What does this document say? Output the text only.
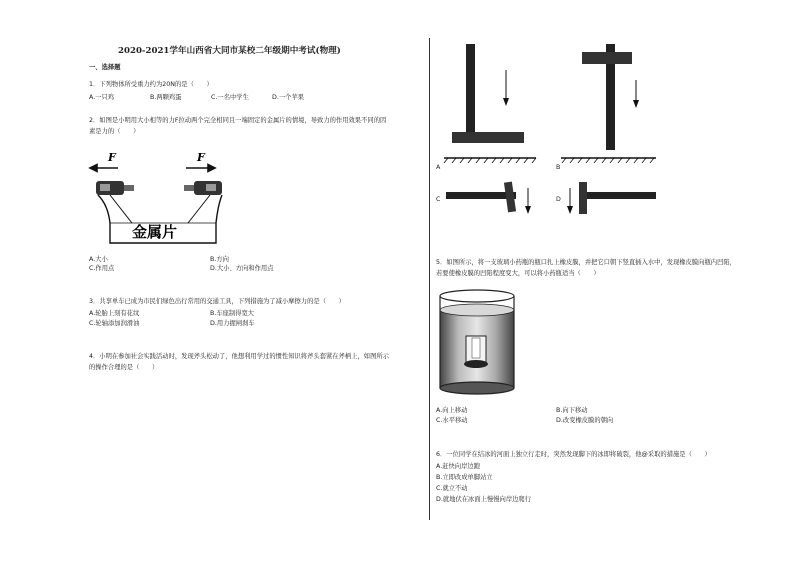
2020-2021学年山西省大同市某校二年级期中考试(物理)
一、选择题
1．下列物体所受重力约为20N的是（　　）
A.一只鸡	B.两颗鸡蛋	C.一名中学生	D.一个苹果
2．如图是小明用大小相等的力F拉动两个完全相同且一端固定的金属片的情境，导致力的作用效果不同的因
素是力的（　　）
F	F
金属片
A.大小	B.方向
C.作用点	D.大小、方向和作用点
3．共享单车已成为市民们绿色出行常用的交通工具，下列措施为了减小摩擦力的是（　　）
A.轮胎上刻有花纹	B.车座制得宽大
C.轮轴添加润滑油	D.用力握闸刹车
4．小明在参加社会实践活动时，发现斧头松动了，他想利用学过的惯性知识将斧头套紧在斧柄上，如图所示
的操作合理的是（　　）
A	B
C	D
5．如图所示，将一支玻璃小药瓶的瓶口扎上橡皮膜，并把它口朝下竖直插入水中，发现橡皮膜向瓶内凹陷，
若要使橡皮膜的凹陷程度变大，可以将小药瓶适当（　　）
A.向上移动	B.向下移动
C.水平移动	D.改变橡皮膜的朝向
6．一位同学在结冰的河面上独立行走时，突然发现脚下的冰即将破裂，他@采取的措施是（　　）
A.赶快向岸边跑
B.立即改成单脚站立
C.就立不动
D.就地伏在冰面上慢慢向岸边爬行
